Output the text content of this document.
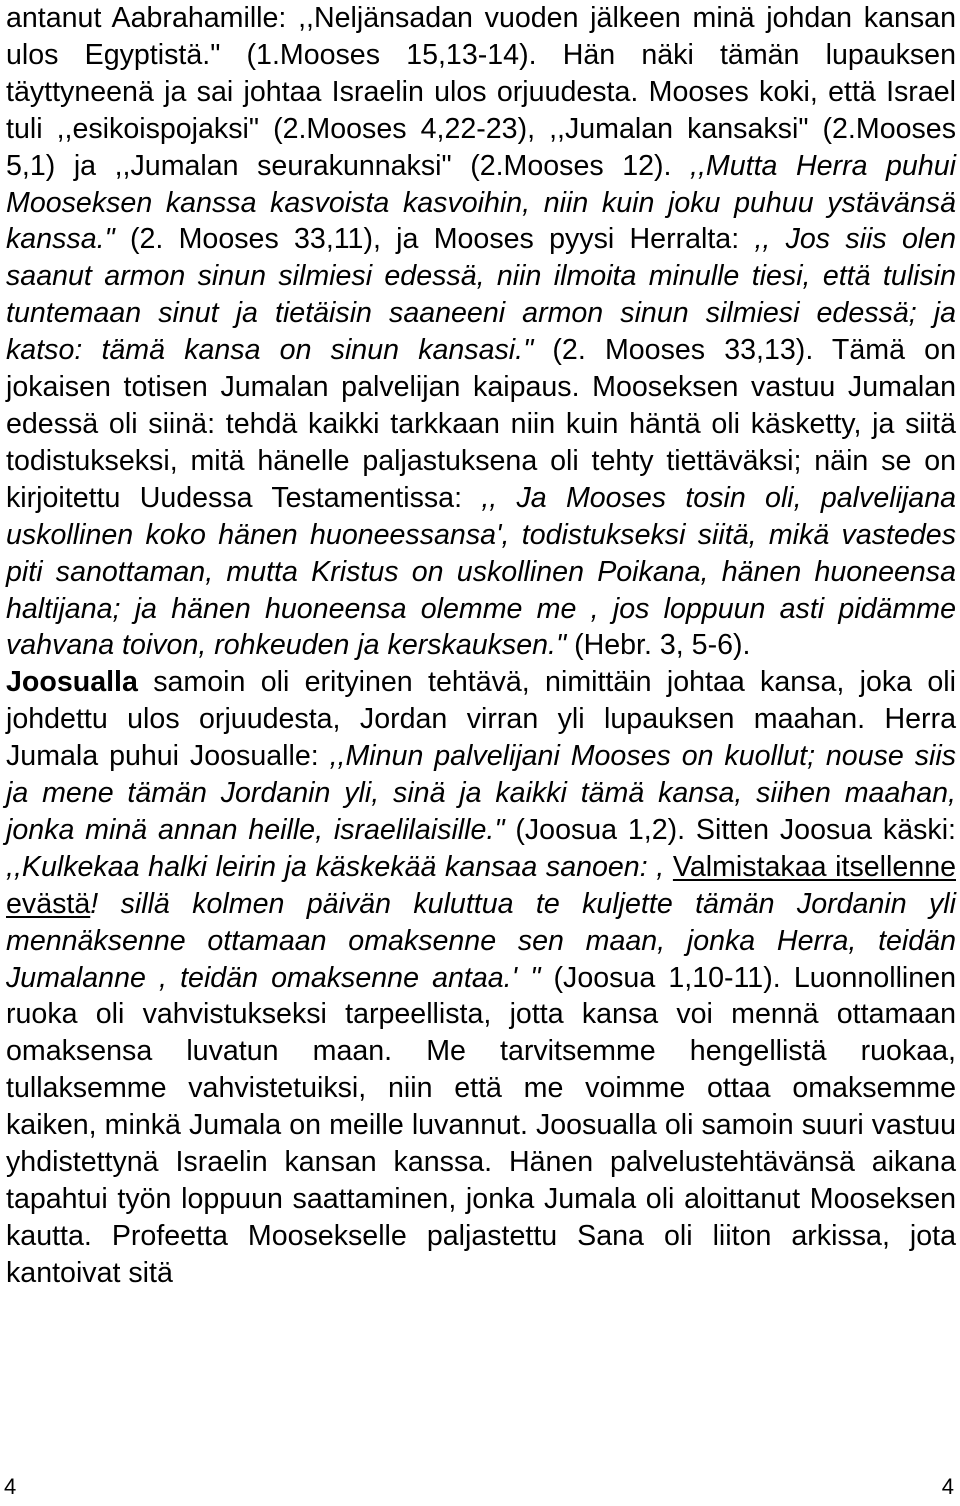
antanut Aabrahamille: ,,Neljänsadan vuoden jälkeen minä johdan kansan ulos Egyptistä." (1.Mooses 15,13-14). Hän näki tämän lupauksen täyttyneenä ja sai johtaa Israelin ulos orjuudesta. Mooses koki, että Israel tuli ,,esikoispojaksi" (2.Mooses 4,22-23), ,,Jumalan kansaksi" (2.Mooses 5,1) ja ,,Jumalan seurakunnaksi" (2.Mooses 12). ,,Mutta Herra puhui Mooseksen kanssa kasvoista kasvoihin, niin kuin joku puhuu ystävänsä kanssa." (2. Mooses 33,11), ja Mooses pyysi Herralta: ,, Jos siis olen saanut armon sinun silmiesi edessä, niin ilmoita minulle tiesi, että tulisin tuntemaan sinut ja tietäisin saaneeni armon sinun silmiesi edessä; ja katso: tämä kansa on sinun kansasi." (2. Mooses 33,13). Tämä on jokaisen totisen Jumalan palvelijan kaipaus. Mooseksen vastuu Jumalan edessä oli siinä: tehdä kaikki tarkkaan niin kuin häntä oli käsketty, ja siitä todistukseksi, mitä hänelle paljastuksena oli tehty tiettäväksi; näin se on kirjoitettu Uudessa Testamentissa: ,, Ja Mooses tosin oli, palvelijana uskollinen koko hänen huoneessansa', todistukseksi siitä, mikä vastedes piti sanottaman, mutta Kristus on uskollinen Poikana, hänen huoneensa haltijana; ja hänen huoneensa olemme me , jos loppuun asti pidämme vahvana toivon, rohkeuden ja kerskauksen." (Hebr. 3, 5-6).

Joosualla samoin oli erityinen tehtävä, nimittäin johtaa kansa, joka oli johdettu ulos orjuudesta, Jordan virran yli lupauksen maahan. Herra Jumala puhui Joosualle: ,,Minun palvelijani Mooses on kuollut; nouse siis ja mene tämän Jordanin yli, sinä ja kaikki tämä kansa, siihen maahan, jonka minä annan heille, israelilaisille." (Joosua 1,2). Sitten Joosua käski: ,,Kulkekaa halki leirin ja käskekää kansaa sanoen: , Valmistakaa itsellenne evästä! sillä kolmen päivän kuluttua te kuljette tämän Jordanin yli mennäksenne ottamaan omaksenne sen maan, jonka Herra, teidän Jumalanne , teidän omaksenne antaa.' " (Joosua 1,10-11). Luonnollinen ruoka oli vahvistukseksi tarpeellista, jotta kansa voi mennä ottamaan omaksensa luvatun maan. Me tarvitsemme hengellistä ruokaa, tullaksemme vahvistetuiksi, niin että me voimme ottaa omaksemme kaiken, minkä Jumala on meille luvannut. Joosualla oli samoin suuri vastuu yhdistettynä Israelin kansan kanssa. Hänen palvelustehtävänsä aikana tapahtui työn loppuun saattaminen, jonka Jumala oli aloittanut Mooseksen kautta. Profeetta Moosekselle paljastettu Sana oli liiton arkissa, jota kantoivat sitä

4	4
